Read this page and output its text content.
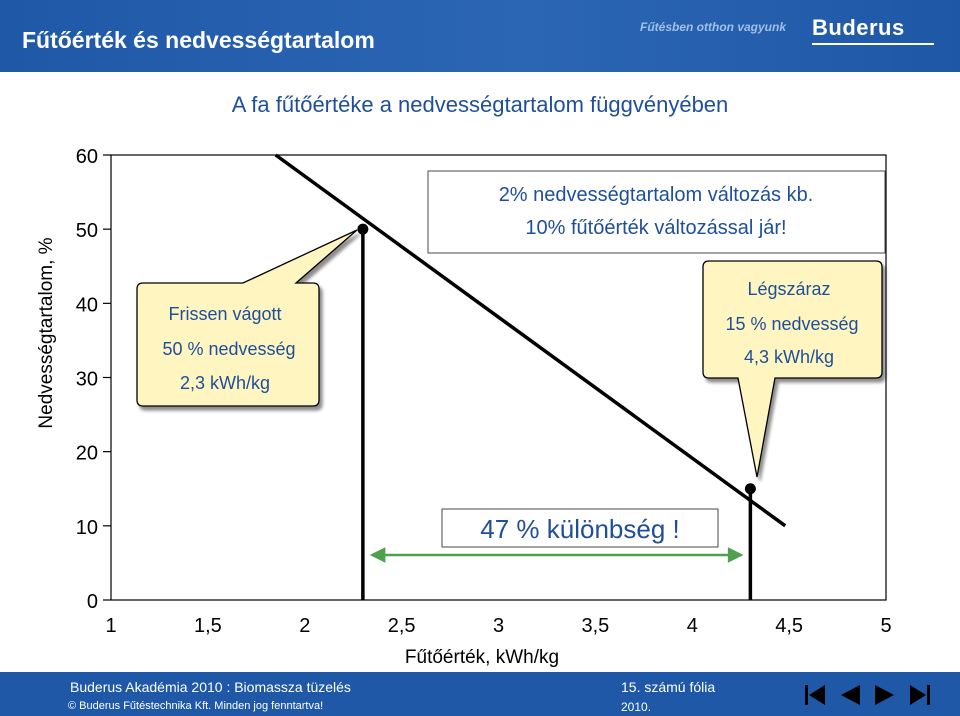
Fűtőérték és nedvességtartalom	Fűtésben otthon vagyunk Buderus
A fa fűtőértéke a nedvességtartalom függvényében
2% nedvességtartalom változás kb.
10% fűtőérték változással jár!
Frissen vágott
50 % nedvesség
2,3 kWh/kg
Légszáraz
15 % nedvesség
4,3 kWh/kg
47 % különbség !
Fűtőérték, kWh/kg
Nedvességtartalom, %
0
10
20
30
40
50
60
1	1,5	2	2,5	3	3,5	4	4,5	5
Buderus Akadémia 2010 : Biomassza tüzelés
© Buderus Fűtéstechnika Kft. Minden jog fenntartva!
15. számú fólia
2010.
